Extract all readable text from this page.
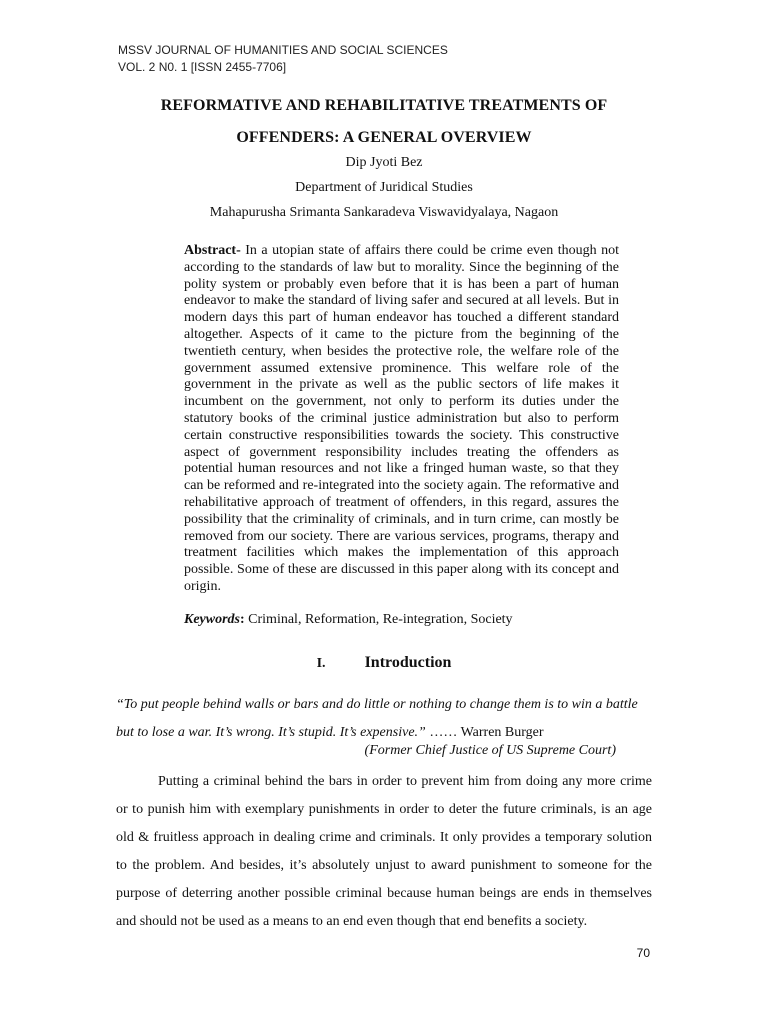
MSSV JOURNAL OF HUMANITIES AND SOCIAL SCIENCES
VOL. 2 N0. 1 [ISSN 2455-7706]
REFORMATIVE AND REHABILITATIVE TREATMENTS OF
OFFENDERS: A GENERAL OVERVIEW
Dip Jyoti Bez
Department of Juridical Studies
Mahapurusha Srimanta Sankaradeva Viswavidyalaya, Nagaon
Abstract- In a utopian state of affairs there could be crime even though not according to the standards of law but to morality. Since the beginning of the polity system or probably even before that it is has been a part of human endeavor to make the standard of living safer and secured at all levels. But in modern days this part of human endeavor has touched a different standard altogether. Aspects of it came to the picture from the beginning of the twentieth century, when besides the protective role, the welfare role of the government assumed extensive prominence. This welfare role of the government in the private as well as the public sectors of life makes it incumbent on the government, not only to perform its duties under the statutory books of the criminal justice administration but also to perform certain constructive responsibilities towards the society. This constructive aspect of government responsibility includes treating the offenders as potential human resources and not like a fringed human waste, so that they can be reformed and re-integrated into the society again. The reformative and rehabilitative approach of treatment of offenders, in this regard, assures the possibility that the criminality of criminals, and in turn crime, can mostly be removed from our society. There are various services, programs, therapy and treatment facilities which makes the implementation of this approach possible. Some of these are discussed in this paper along with its concept and origin.
Keywords: Criminal, Reformation, Re-integration, Society
I. Introduction
“To put people behind walls or bars and do little or nothing to change them is to win a battle but to lose a war. It’s wrong. It’s stupid. It’s expensive.” …… Warren Burger
(Former Chief Justice of US Supreme Court)
Putting a criminal behind the bars in order to prevent him from doing any more crime or to punish him with exemplary punishments in order to deter the future criminals, is an age old & fruitless approach in dealing crime and criminals. It only provides a temporary solution to the problem. And besides, it’s absolutely unjust to award punishment to someone for the purpose of deterring another possible criminal because human beings are ends in themselves and should not be used as a means to an end even though that end benefits a society.
70
